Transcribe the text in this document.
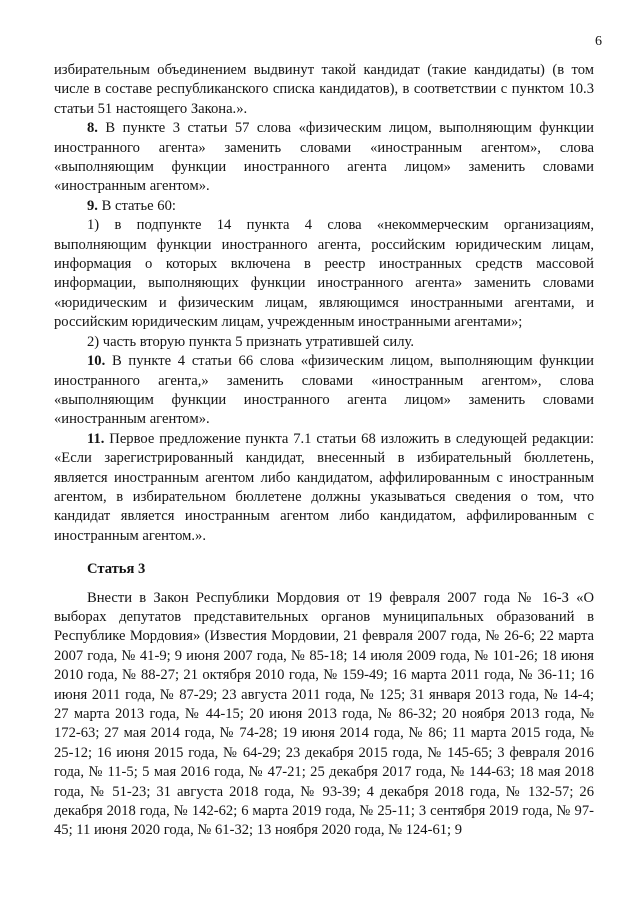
6

избирательным объединением выдвинут такой кандидат (такие кандидаты) (в том числе в составе республиканского списка кандидатов), в соответствии с пунктом 10.3 статьи 51 настоящего Закона.».

8. В пункте 3 статьи 57 слова «физическим лицом, выполняющим функции иностранного агента» заменить словами «иностранным агентом», слова «выполняющим функции иностранного агента лицом» заменить словами «иностранным агентом».

9. В статье 60:

1) в подпункте 14 пункта 4 слова «некоммерческим организациям, выполняющим функции иностранного агента, российским юридическим лицам, информация о которых включена в реестр иностранных средств массовой информации, выполняющих функции иностранного агента» заменить словами «юридическим и физическим лицам, являющимся иностранными агентами, и российским юридическим лицам, учрежденным иностранными агентами»;

2) часть вторую пункта 5 признать утратившей силу.

10. В пункте 4 статьи 66 слова «физическим лицом, выполняющим функции иностранного агента,» заменить словами «иностранным агентом», слова «выполняющим функции иностранного агента лицом» заменить словами «иностранным агентом».

11. Первое предложение пункта 7.1 статьи 68 изложить в следующей редакции: «Если зарегистрированный кандидат, внесенный в избирательный бюллетень, является иностранным агентом либо кандидатом, аффилированным с иностранным агентом, в избирательном бюллетене должны указываться сведения о том, что кандидат является иностранным агентом либо кандидатом, аффилированным с иностранным агентом.».

Статья 3

Внести в Закон Республики Мордовия от 19 февраля 2007 года № 16-З «О выборах депутатов представительных органов муниципальных образований в Республике Мордовия» (Известия Мордовии, 21 февраля 2007 года, № 26-6; 22 марта 2007 года, № 41-9; 9 июня 2007 года, № 85-18; 14 июля 2009 года, № 101-26; 18 июня 2010 года, № 88-27; 21 октября 2010 года, № 159-49; 16 марта 2011 года, № 36-11; 16 июня 2011 года, № 87-29; 23 августа 2011 года, № 125; 31 января 2013 года, № 14-4; 27 марта 2013 года, № 44-15; 20 июня 2013 года, № 86-32; 20 ноября 2013 года, № 172-63; 27 мая 2014 года, № 74-28; 19 июня 2014 года, № 86; 11 марта 2015 года, № 25-12; 16 июня 2015 года, № 64-29; 23 декабря 2015 года, № 145-65; 3 февраля 2016 года, № 11-5; 5 мая 2016 года, № 47-21; 25 декабря 2017 года, № 144-63; 18 мая 2018 года, № 51-23; 31 августа 2018 года, № 93-39; 4 декабря 2018 года, № 132-57; 26 декабря 2018 года, № 142-62; 6 марта 2019 года, № 25-11; 3 сентября 2019 года, № 97-45; 11 июня 2020 года, № 61-32; 13 ноября 2020 года, № 124-61; 9
